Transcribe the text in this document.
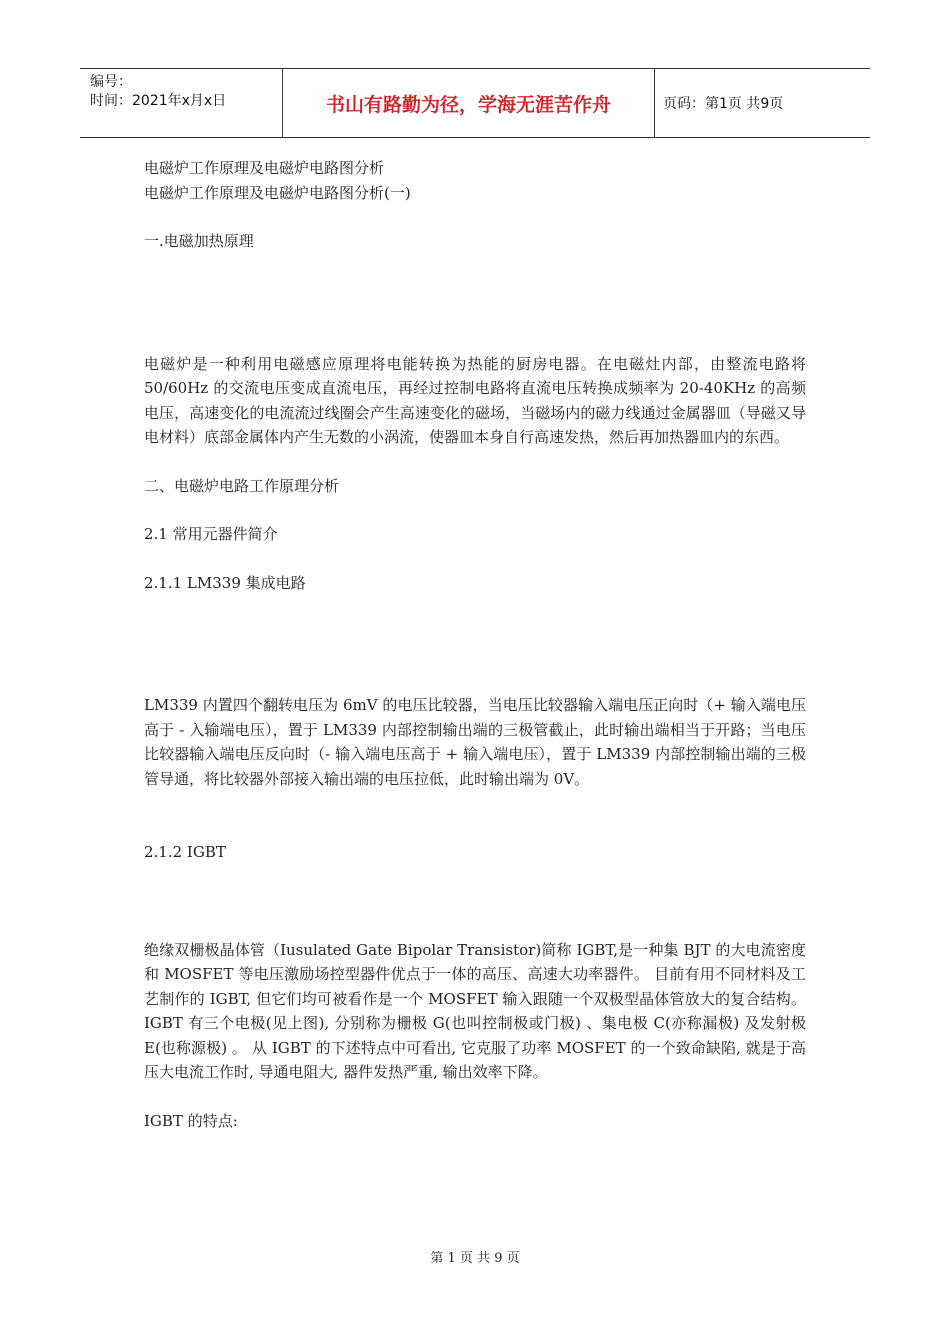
编号：
时间：2021年x月x日	书山有路勤为径，学海无涯苦作舟	页码：第1页 共9页

电磁炉工作原理及电磁炉电路图分析

电磁炉工作原理及电磁炉电路图分析(一)

一.电磁加热原理

电磁炉是一种利用电磁感应原理将电能转换为热能的厨房电器。在电磁灶内部，由整流电路将 50/60Hz 的交流电压变成直流电压，再经过控制电路将直流电压转换成频率为 20-40KHz 的高频电压，高速变化的电流流过线圈会产生高速变化的磁场，当磁场内的磁力线通过金属器皿（导磁又导电材料）底部金属体内产生无数的小涡流，使器皿本身自行高速发热，然后再加热器皿内的东西。

二、电磁炉电路工作原理分析

2.1 常用元器件简介

2.1.1 LM339 集成电路

LM339 内置四个翻转电压为 6mV 的电压比较器，当电压比较器输入端电压正向时（+ 输入端电压高于 - 入输端电压），置于 LM339 内部控制输出端的三极管截止，此时输出端相当于开路；当电压比较器输入端电压反向时（- 输入端电压高于 + 输入端电压），置于 LM339 内部控制输出端的三极管导通，将比较器外部接入输出端的电压拉低，此时输出端为 0V。

2.1.2 IGBT

绝缘双栅极晶体管（Iusulated Gate Bipolar Transistor)简称 IGBT,是一种集 BJT 的大电流密度和 MOSFET 等电压激励场控型器件优点于一体的高压、高速大功率器件。 目前有用不同材料及工艺制作的 IGBT, 但它们均可被看作是一个 MOSFET 输入跟随一个双极型晶体管放大的复合结构。 IGBT 有三个电极(见上图), 分别称为栅极 G(也叫控制极或门极) 、集电极 C(亦称漏极) 及发射极 E(也称源极) 。 从 IGBT 的下述特点中可看出, 它克服了功率 MOSFET 的一个致命缺陷, 就是于高压大电流工作时, 导通电阻大, 器件发热严重, 输出效率下降。

IGBT 的特点:

第 1 页 共 9 页
